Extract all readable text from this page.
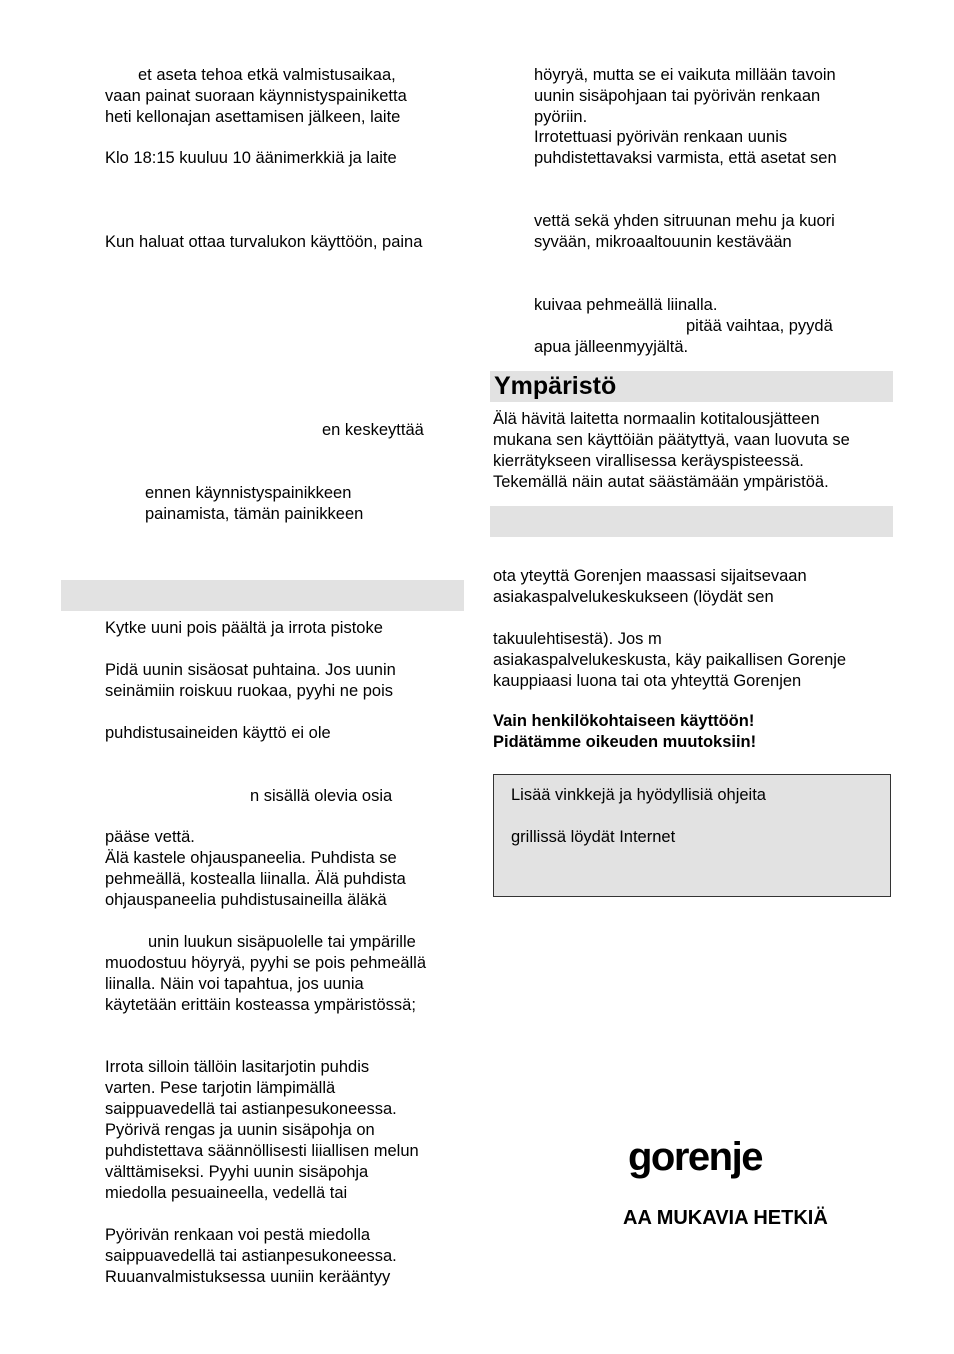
Ympäristö
et aseta tehoa etkä valmistusaikaa,
vaan painat suoraan käynnistyspainiketta
heti kellonajan asettamisen jälkeen, laite
Klo 18:15 kuuluu 10 äänimerkkiä ja laite
Kun haluat ottaa turvalukon käyttöön, paina
en keskeyttää
ennen käynnistyspainikkeen
painamista, tämän painikkeen
Kytke uuni pois päältä ja irrota pistoke
Pidä uunin sisäosat puhtaina. Jos uunin
seinämiin roiskuu ruokaa, pyyhi ne pois
puhdistusaineiden käyttö ei ole
n sisällä olevia osia
pääse vettä.
Älä kastele ohjauspaneelia. Puhdista se
pehmeällä, kostealla liinalla. Älä puhdista
ohjauspaneelia puhdistusaineilla äläkä
unin luukun sisäpuolelle tai ympärille
muodostuu höyryä, pyyhi se pois pehmeällä
liinalla. Näin voi tapahtua, jos uunia
käytetään erittäin kosteassa ympäristössä;
Irrota silloin tällöin lasitarjotin puhdis
varten. Pese tarjotin lämpimällä
saippuavedellä tai astianpesukoneessa.
Pyörivä rengas ja uunin sisäpohja on
puhdistettava säännöllisesti liiallisen melun
välttämiseksi. Pyyhi uunin sisäpohja
miedolla pesuaineella, vedellä tai
Pyörivän renkaan voi pestä miedolla
saippuavedellä tai astianpesukoneessa.
Ruuanvalmistuksessa uuniin kerääntyy
höyryä, mutta se ei vaikuta millään tavoin
uunin sisäpohjaan tai pyörivän renkaan
pyöriin.
Irrotettuasi pyörivän renkaan uunis
puhdistettavaksi varmista, että asetat sen
vettä sekä yhden sitruunan mehu ja kuori
syvään, mikroaaltouunin kestävään
kuivaa pehmeällä liinalla.
pitää vaihtaa, pyydä
apua jälleenmyyjältä.
Älä hävitä laitetta normaalin kotitalousjätteen
mukana sen käyttöiän päätyttyä, vaan luovuta se
kierrätykseen virallisessa keräyspisteessä.
Tekemällä näin autat säästämään ympäristöä.
ota yteyttä Gorenjen maassasi sijaitsevaan
asiakaspalvelukeskukseen (löydät sen
takuulehtisestä). Jos m
asiakaspalvelukeskusta, käy paikallisen Gorenje
kauppiaasi luona tai ota yhteyttä Gorenjen
Vain henkilökohtaiseen käyttöön!
Pidätämme oikeuden muutoksiin!
Lisää vinkkejä ja hyödyllisiä ohjeita
grillissä löydät Internet
gorenje
AA MUKAVIA HETKIÄ
